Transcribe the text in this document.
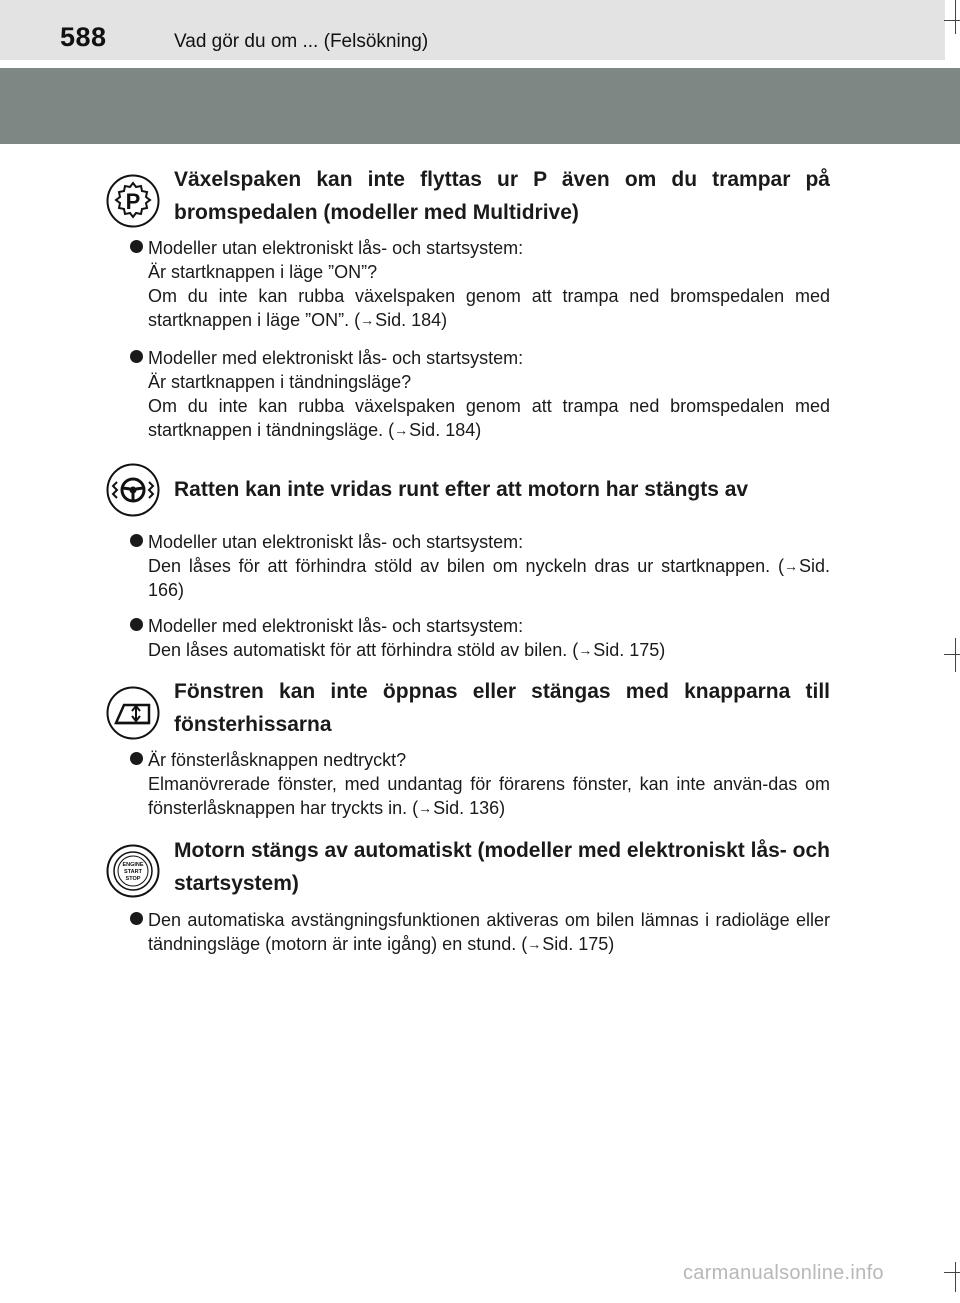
588	Vad gör du om ... (Felsökning)
P

Växelspaken kan inte flyttas ur P även om du trampar på bromspedalen (modeller med Multidrive)

Modeller utan elektroniskt lås- och startsystem:

Är startknappen i läge ”ON”?

Om du inte kan rubba växelspaken genom att trampa ned bromspedalen med startknappen i läge ”ON”. (→Sid. 184)

Modeller med elektroniskt lås- och startsystem:

Är startknappen i tändningsläge?

Om du inte kan rubba växelspaken genom att trampa ned bromspedalen med startknappen i tändningsläge. (→Sid. 184)

Ratten kan inte vridas runt efter att motorn har stängts av

Modeller utan elektroniskt lås- och startsystem:

Den låses för att förhindra stöld av bilen om nyckeln dras ur startknappen. (→Sid. 166)

Modeller med elektroniskt lås- och startsystem:

Den låses automatiskt för att förhindra stöld av bilen. (→Sid. 175)

Fönstren kan inte öppnas eller stängas med knapparna till fönsterhissarna

Är fönsterlåsknappen nedtryckt?

Elmanövrerade fönster, med undantag för förarens fönster, kan inte använ-das om fönsterlåsknappen har tryckts in. (→Sid. 136)

ENGINE
START
STOP

Motorn stängs av automatiskt (modeller med elektroniskt lås- och startsystem)

Den automatiska avstängningsfunktionen aktiveras om bilen lämnas i radioläge eller tändningsläge (motorn är inte igång) en stund. (→Sid. 175)

carmanualsonline.info
